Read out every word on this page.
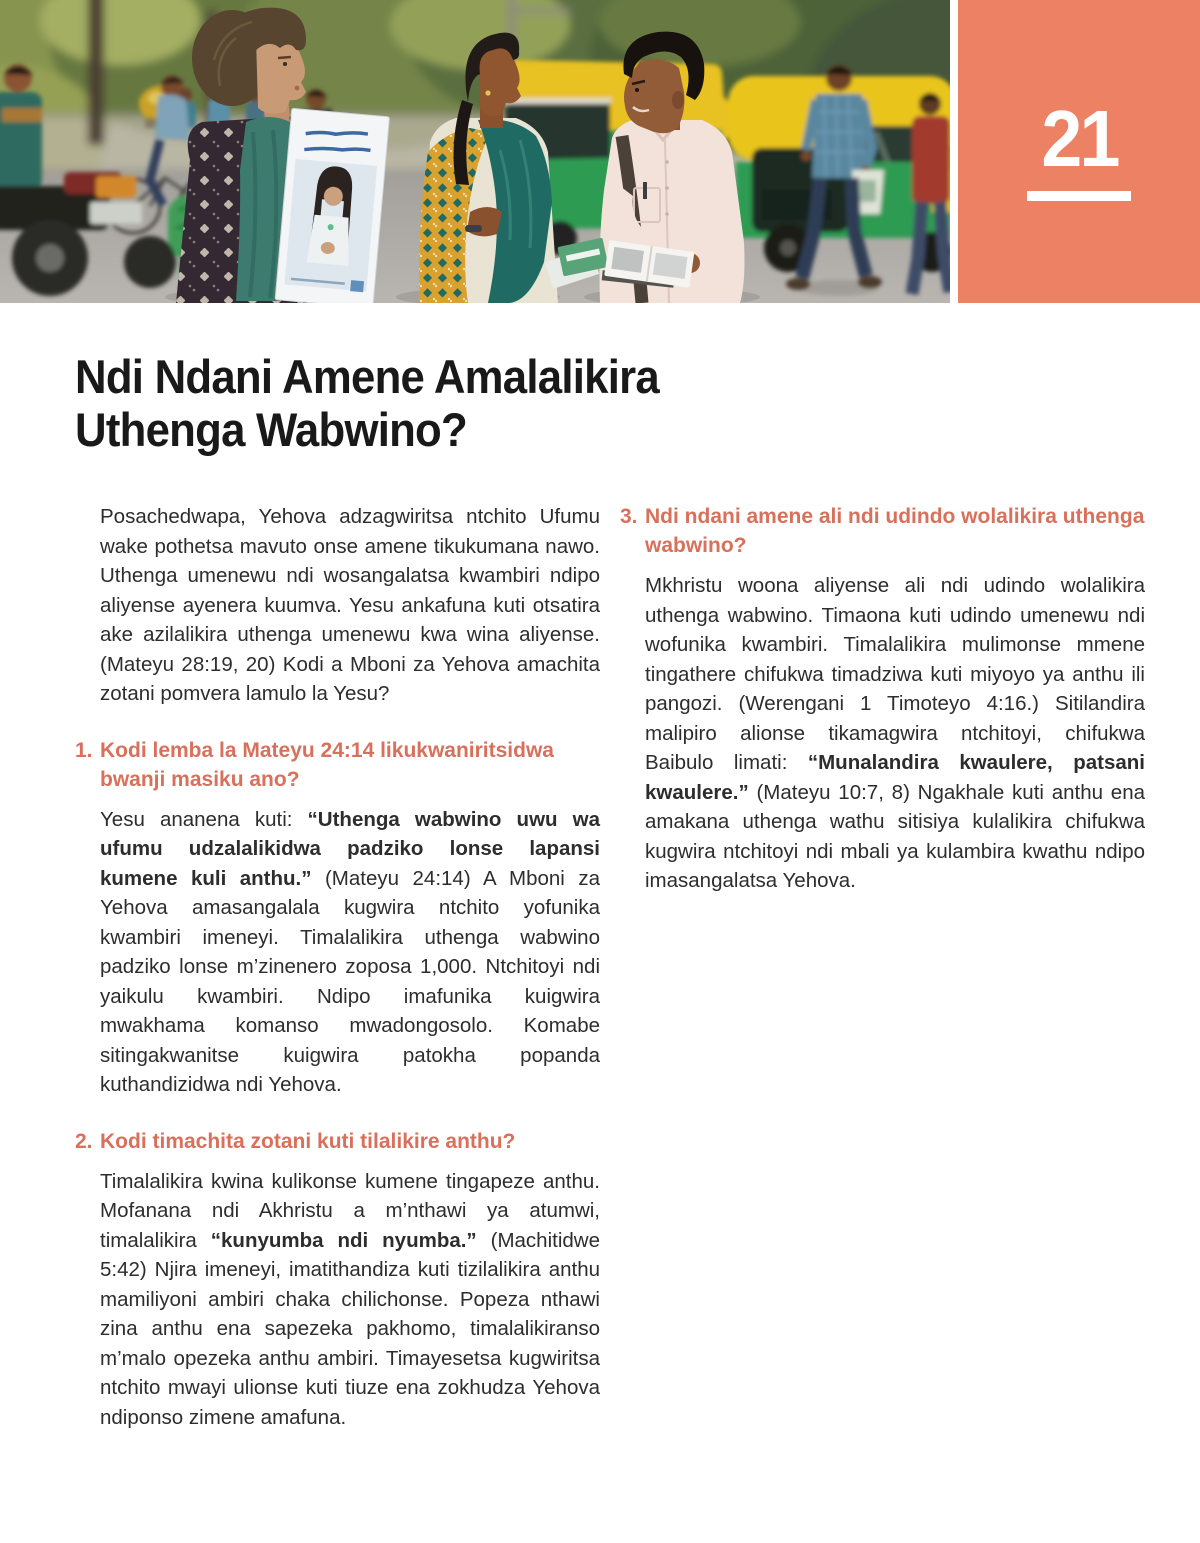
21
Ndi Ndani Amene Amalalikira
Uthenga Wabwino?

Posachedwapa, Yehova adzagwiritsa ntchito Ufumu wake pothetsa mavuto onse amene tikukumana nawo. Uthenga umenewu ndi wosangalatsa kwambiri ndipo aliyense ayenera kuumva. Yesu ankafuna kuti otsatira ake azilalikira uthenga umenewu kwa wina aliyense. (Mateyu 28:19, 20) Kodi a Mboni za Yehova amachita zotani pomvera lamulo la Yesu?

1. Kodi lemba la Mateyu 24:14 likukwaniritsidwa bwanji masiku ano?

Yesu ananena kuti: “Uthenga wabwino uwu wa ufumu udzalalikidwa padziko lonse lapansi kumene kuli anthu.” (Mateyu 24:14) A Mboni za Yehova amasangalala kugwira ntchito yofunika kwambiri imeneyi. Timalalikira uthenga wabwino padziko lonse m’zinenero zoposa 1,000. Ntchitoyi ndi yaikulu kwambiri. Ndipo imafunika kuigwira mwakhama komanso mwadongosolo. Komabe sitingakwanitse kuigwira patokha popanda kuthandizidwa ndi Yehova.

2. Kodi timachita zotani kuti tilalikire anthu?

Timalalikira kwina kulikonse kumene tingapeze anthu. Mofanana ndi Akhristu a m’nthawi ya atumwi, timalalikira “kunyumba ndi nyumba.” (Machitidwe 5:42) Njira imeneyi, imatithandiza kuti tizilalikira anthu mamiliyoni ambiri chaka chilichonse. Popeza nthawi zina anthu ena sapezeka pakhomo, timalalikiranso m’malo opezeka anthu ambiri. Timayesetsa kugwiritsa ntchito mwayi ulionse kuti tiuze ena zokhudza Yehova ndiponso zimene amafuna.

3. Ndi ndani amene ali ndi udindo wolalikira uthenga wabwino?

Mkhristu woona aliyense ali ndi udindo wolalikira uthenga wabwino. Timaona kuti udindo umenewu ndi wofunika kwambiri. Timalalikira mulimonse mmene tingathere chifukwa timadziwa kuti miyoyo ya anthu ili pangozi. (Werengani 1 Timoteyo 4:16.) Sitilandira malipiro alionse tikamagwira ntchitoyi, chifukwa Baibulo limati: “Munalandira kwaulere, patsani kwaulere.” (Mateyu 10:7, 8) Ngakhale kuti anthu ena amakana uthenga wathu sitisiya kulalikira chifukwa kugwira ntchitoyi ndi mbali ya kulambira kwathu ndipo imasangalatsa Yehova.
